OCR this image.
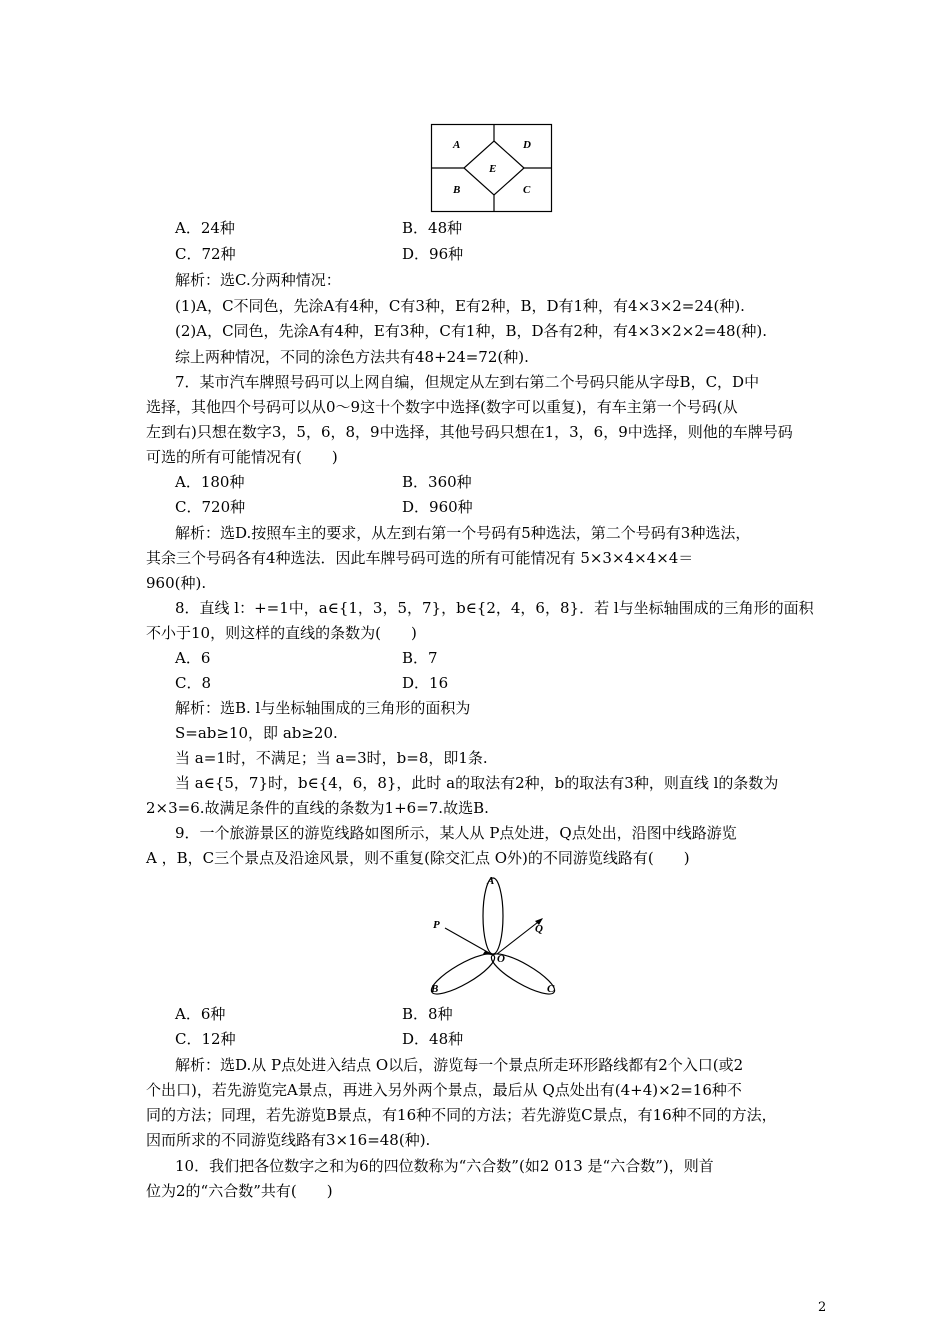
A	D
E
B	C
A．24种	B．48种
C．72种	D．96种
解析：选C.分两种情况：
(1)A，C不同色，先涂A有4种，C有3种，E有2种，B，D有1种，有4×3×2=24(种).
(2)A，C同色，先涂A有4种，E有3种，C有1种，B，D各有2种，有4×3×2×2=48(种).
综上两种情况，不同的涂色方法共有48+24=72(种).
7．某市汽车牌照号码可以上网自编，但规定从左到右第二个号码只能从字母B，C，D中
选择，其他四个号码可以从0～9这十个数字中选择(数字可以重复)，有车主第一个号码(从
左到右)只想在数字3，5，6，8，9中选择，其他号码只想在1，3，6，9中选择，则他的车牌号码
可选的所有可能情况有(　　)
A．180种	B．360种
C．720种	D．960种
解析：选D.按照车主的要求，从左到右第一个号码有5种选法，第二个号码有3种选法，
其余三个号码各有4种选法．因此车牌号码可选的所有可能情况有 5×3×4×4×4＝
960(种).
8．直线 l：+=1中，a∈{1，3，5，7}，b∈{2，4，6，8}．若 l与坐标轴围成的三角形的面积
不小于10，则这样的直线的条数为(　　)
A．6	B．7
C．8	D．16
解析：选B. l与坐标轴围成的三角形的面积为
S=ab≥10，即 ab≥20.
当 a=1时，不满足；当 a=3时，b=8，即1条.
当 a∈{5，7}时，b∈{4，6，8}，此时 a的取法有2种，b的取法有3种，则直线 l的条数为
2×3=6.故满足条件的直线的条数为1+6=7.故选B.
9．一个旅游景区的游览线路如图所示，某人从 P点处进，Q点处出，沿图中线路游览
A ，B，C三个景点及沿途风景，则不重复(除交汇点 O外)的不同游览线路有(　　)
A
P	Q
O
B	C
A．6种	B．8种
C．12种	D．48种
解析：选D.从 P点处进入结点 O以后，游览每一个景点所走环形路线都有2个入口(或2
个出口)，若先游览完A景点，再进入另外两个景点，最后从 Q点处出有(4+4)×2=16种不
同的方法；同理，若先游览B景点，有16种不同的方法；若先游览C景点，有16种不同的方法，
因而所求的不同游览线路有3×16=48(种).
10．我们把各位数字之和为6的四位数称为“六合数”(如2 013 是“六合数”)，则首
位为2的“六合数”共有(　　)
2
